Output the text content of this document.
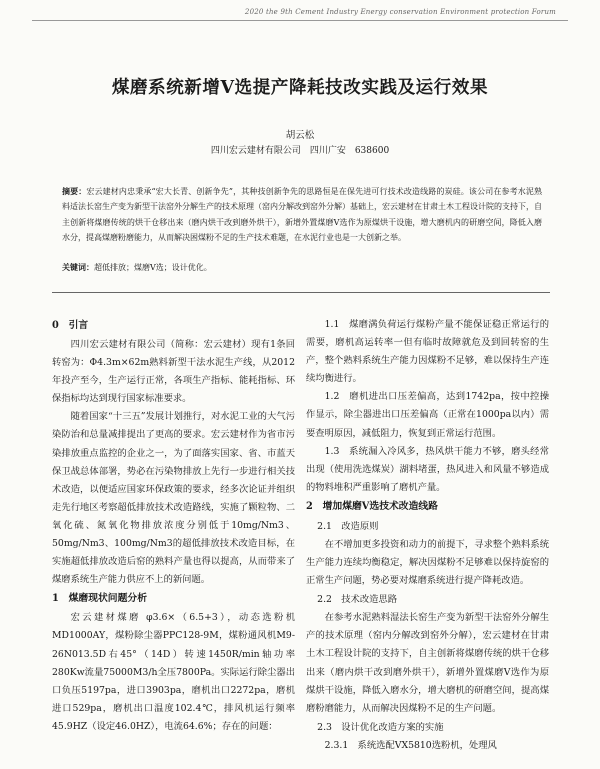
2020 the 9th Cement Industry Energy conservation Environment protection Forum
煤磨系统新增V选提产降耗技改实践及运行效果
胡云松
四川宏云建材有限公司　四川广安　638600
摘要：宏云建材内忠秉承“宏大长青、创新争先”，其种技创新争先的思路恒是在保先进可行技术改造线路的炭硅。该公司在参考水泥熟料适法长窑生产变为新型干法窑外分解生产的技术原理（窑内分解改到窑外分解）基础上，宏云建材在甘肃土木工程设计院的支持下，自主创新将煤磨传统的烘干仓移出来（磨内烘干改到磨外烘干），新增外置煤磨V选作为原煤烘干设施，增大磨机内的研磨空间，降低入磨水分，提高煤磨粉磨能力，从而解决困煤粉不足的生产技术难题，在水泥行业也是一大创新之举。
关键词：超低排放；煤磨V选；设计优化。
0　引言

四川宏云建材有限公司（简称：宏云建材）现有1条回转窑为：Φ4.3m×62m熟料新型干法水泥生产线，从2012年投产至今，生产运行正常，各项生产指标、能耗指标、环保指标均达到现行国家标准要求。

随着国家“十三五”发展计划推行，对水泥工业的大气污染防治和总量减排提出了更高的要求。宏云建材作为省市污染排放重点监控的企业之一，为了面落实国家、省、市蓝天保卫战总体部署，势必在污染物排放上先行一步进行相关技术改造，以便适应国家环保政策的要求，经多次论证并组织走先行地区考察超低排放技术改造路线，实施了颗粒物、二氧化硫、氮氧化物排放浓度分别低于10mg/Nm3、50mg/Nm3、100mg/Nm3的超低排放技术改造目标，在实施超低排放改造后窑的熟料产量也得以提高，从而带来了煤磨系统生产能力供应不上的新问题。

1　煤磨现状问题分析

宏云建材煤磨 φ3.6×（6.5+3），动态选粉机MD1000AY，煤粉除尘器PPC128-9M，煤粉通风机M9-26N013.5D右45°（14D）转速1450R/min轴功率280Kw流量75000M3/h全压7800Pa。实际运行除尘器出口负压5197pa，进口3903pa，磨机出口2272pa，磨机进口529pa，磨机出口温度102.4℃，排风机运行频率45.9HZ（设定46.0HZ），电流64.6%；存在的问题：

1.1　煤磨满负荷运行煤粉产量不能保证稳正常运行的需要，磨机高运转率一但有临时故障就危及到回转窑的生产，整个熟料系统生产能力因煤粉不足够，难以保持生产连续均衡进行。

1.2　磨机进出口压差偏高，达到1742pa，按中控操作显示，除尘器进出口压差偏高（正常在1000pa以内）需要查明原因，减低阻力，恢复到正常运行范围。

1.3　系统漏入冷风多，热风烘干能力不够，磨头经常出现（使用洗选煤炭）湖料堵蛋，热风进入和风量不够造成的物料堆积严重影响了磨机产量。

2　增加煤磨V选技术改造线路
2.1　改造原则

在不增加更多投资和动力的前提下，寻求整个熟料系统生产能力连续均衡稳定，解决因煤粉不足够难以保持旋窑的正常生产问题，势必要对煤磨系统进行提产降耗改造。

2.2　技术改造思路

在参考水泥熟料湿法长窑生产变为新型干法窑外分解生产的技术原理（窑内分解改到窑外分解），宏云建材在甘肃土木工程设计院的支持下，自主创新将煤磨传统的烘干仓移出来（磨内烘干改到磨外烘干），新增外置煤磨V选作为原煤烘干设施，降低入磨水分，增大磨机的研磨空间，提高煤磨粉磨能力，从而解决因煤粉不足的生产问题。

2.3　设计优化改造方案的实施

2.3.1　系统选配VX5810选粉机，处理风
